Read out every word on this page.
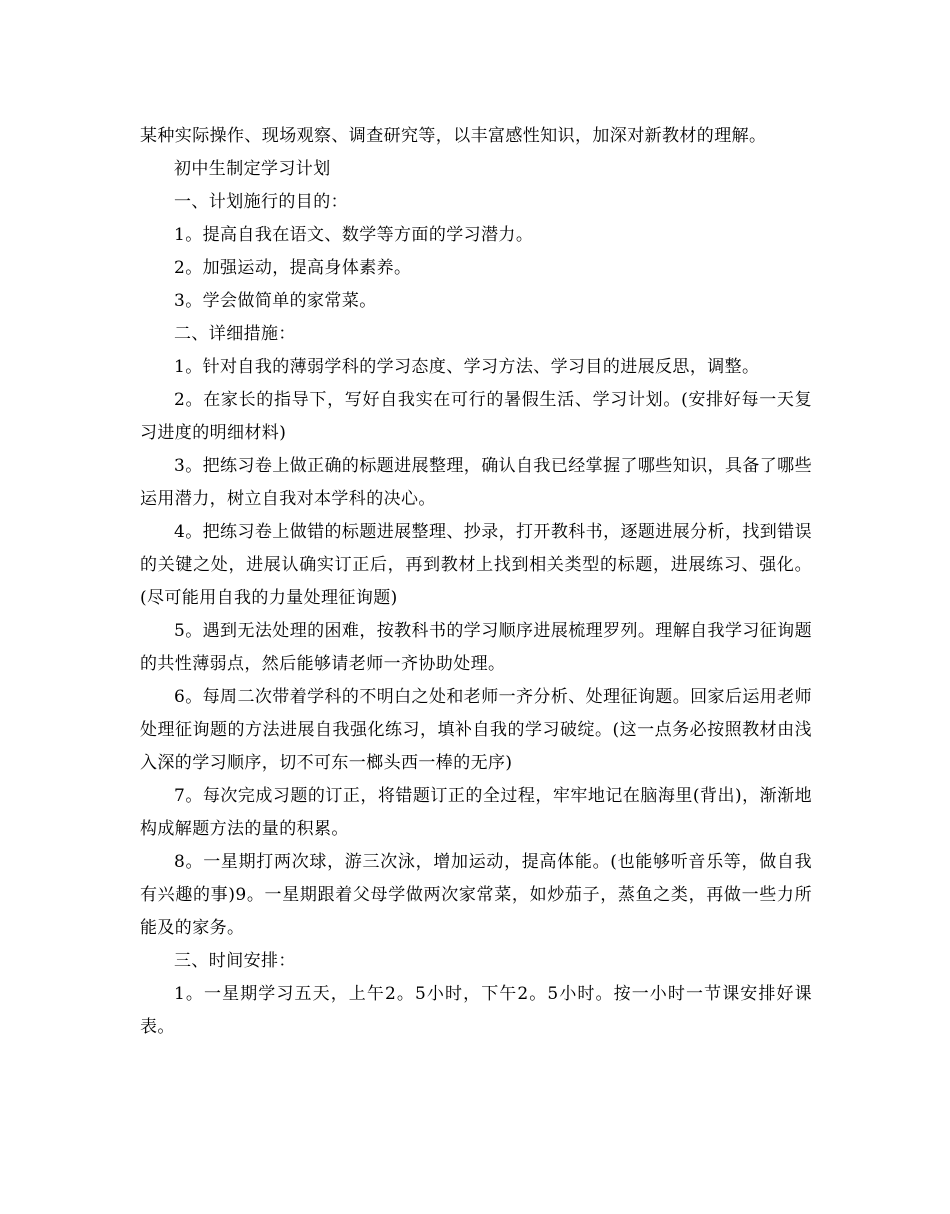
某种实际操作、现场观察、调查研究等，以丰富感性知识，加深对新教材的理解。

初中生制定学习计划

一、计划施行的目的：

1。提高自我在语文、数学等方面的学习潜力。

2。加强运动，提高身体素养。

3。学会做简单的家常菜。

二、详细措施：

1。针对自我的薄弱学科的学习态度、学习方法、学习目的进展反思，调整。

2。在家长的指导下，写好自我实在可行的暑假生活、学习计划。(安排好每一天复习进度的明细材料)

3。把练习卷上做正确的标题进展整理，确认自我已经掌握了哪些知识，具备了哪些运用潜力，树立自我对本学科的决心。

4。把练习卷上做错的标题进展整理、抄录，打开教科书，逐题进展分析，找到错误的关键之处，进展认确实订正后，再到教材上找到相关类型的标题，进展练习、强化。(尽可能用自我的力量处理征询题)

5。遇到无法处理的困难，按教科书的学习顺序进展梳理罗列。理解自我学习征询题的共性薄弱点，然后能够请老师一齐协助处理。

6。每周二次带着学科的不明白之处和老师一齐分析、处理征询题。回家后运用老师处理征询题的方法进展自我强化练习，填补自我的学习破绽。(这一点务必按照教材由浅入深的学习顺序，切不可东一榔头西一棒的无序)

7。每次完成习题的订正，将错题订正的全过程，牢牢地记在脑海里(背出)，渐渐地构成解题方法的量的积累。

8。一星期打两次球，游三次泳，增加运动，提高体能。(也能够听音乐等，做自我有兴趣的事)9。一星期跟着父母学做两次家常菜，如炒茄子，蒸鱼之类，再做一些力所能及的家务。

三、时间安排：

1。一星期学习五天，上午2。5小时，下午2。5小时。按一小时一节课安排好课表。
